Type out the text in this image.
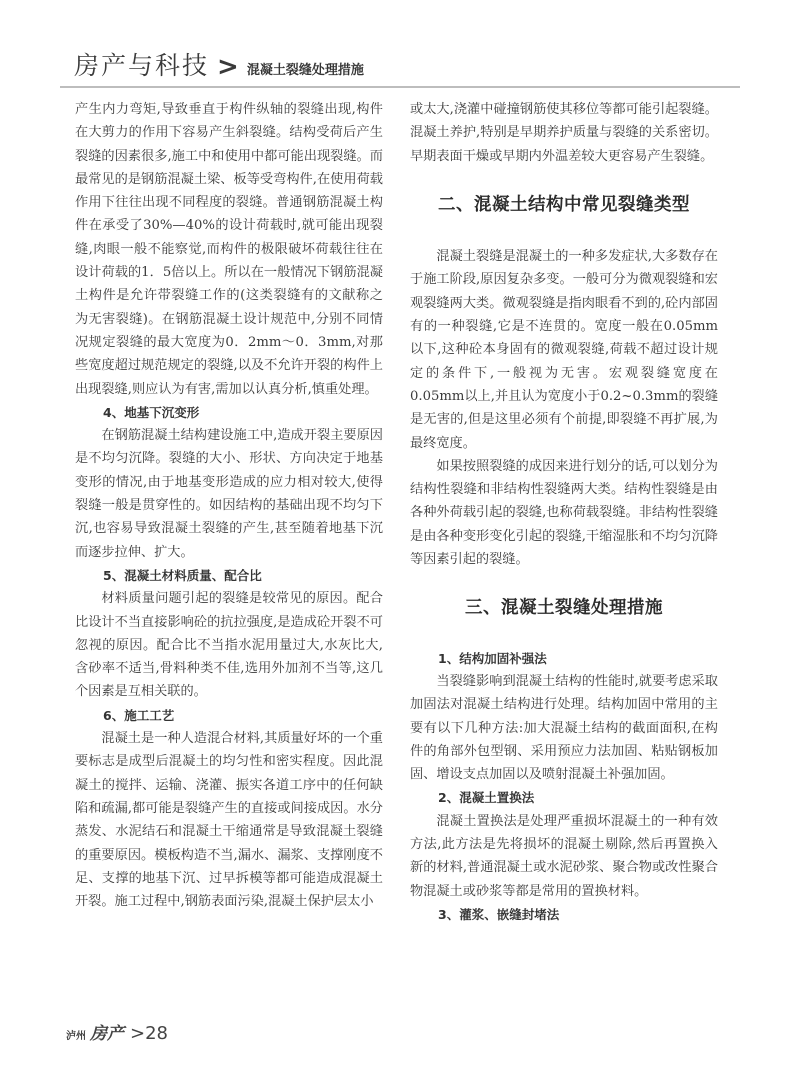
房产与科技 > 混凝土裂缝处理措施

产生内力弯矩,导致垂直于构件纵轴的裂缝出现,构件在大剪力的作用下容易产生斜裂缝。结构受荷后产生裂缝的因素很多,施工中和使用中都可能出现裂缝。而最常见的是钢筋混凝土梁、板等受弯构件,在使用荷载作用下往往出现不同程度的裂缝。普通钢筋混凝土构件在承受了30%—40%的设计荷载时,就可能出现裂缝,肉眼一般不能察觉,而构件的极限破坏荷载往往在设计荷载的1．5倍以上。所以在一般情况下钢筋混凝土构件是允许带裂缝工作的(这类裂缝有的文献称之为无害裂缝)。在钢筋混凝土设计规范中,分别不同情况规定裂缝的最大宽度为0．2mm～0．3mm,对那些宽度超过规范规定的裂缝,以及不允许开裂的构件上出现裂缝,则应认为有害,需加以认真分析,慎重处理。

4、地基下沉变形

在钢筋混凝土结构建设施工中,造成开裂主要原因是不均匀沉降。裂缝的大小、形状、方向决定于地基变形的情况,由于地基变形造成的应力相对较大,使得裂缝一般是贯穿性的。如因结构的基础出现不均匀下沉,也容易导致混凝土裂缝的产生,甚至随着地基下沉而逐步拉伸、扩大。

5、混凝土材料质量、配合比

材料质量问题引起的裂缝是较常见的原因。配合比设计不当直接影响砼的抗拉强度,是造成砼开裂不可忽视的原因。配合比不当指水泥用量过大,水灰比大,含砂率不适当,骨料种类不佳,选用外加剂不当等,这几个因素是互相关联的。

6、施工工艺

混凝土是一种人造混合材料,其质量好坏的一个重要标志是成型后混凝土的均匀性和密实程度。因此混凝土的搅拌、运输、浇灌、振实各道工序中的任何缺陷和疏漏,都可能是裂缝产生的直接或间接成因。水分蒸发、水泥结石和混凝土干缩通常是导致混凝土裂缝的重要原因。模板构造不当,漏水、漏浆、支撑刚度不足、支撑的地基下沉、过早拆模等都可能造成混凝土开裂。施工过程中,钢筋表面污染,混凝土保护层太小

或太大,浇灌中碰撞钢筋使其移位等都可能引起裂缝。混凝土养护,特别是早期养护质量与裂缝的关系密切。早期表面干燥或早期内外温差较大更容易产生裂缝。

二、混凝土结构中常见裂缝类型

混凝土裂缝是混凝土的一种多发症状,大多数存在于施工阶段,原因复杂多变。一般可分为微观裂缝和宏观裂缝两大类。微观裂缝是指肉眼看不到的,砼内部固有的一种裂缝,它是不连贯的。宽度一般在0.05mm以下,这种砼本身固有的微观裂缝,荷载不超过设计规定的条件下,一般视为无害。宏观裂缝宽度在0.05mm以上,并且认为宽度小于0.2~0.3mm的裂缝是无害的,但是这里必须有个前提,即裂缝不再扩展,为最终宽度。

如果按照裂缝的成因来进行划分的话,可以划分为结构性裂缝和非结构性裂缝两大类。结构性裂缝是由各种外荷载引起的裂缝,也称荷载裂缝。非结构性裂缝是由各种变形变化引起的裂缝,干缩湿胀和不均匀沉降等因素引起的裂缝。

三、混凝土裂缝处理措施
1、结构加固补强法

当裂缝影响到混凝土结构的性能时,就要考虑采取加固法对混凝土结构进行处理。结构加固中常用的主要有以下几种方法:加大混凝土结构的截面面积,在构件的角部外包型钢、采用预应力法加固、粘贴钢板加固、增设支点加固以及喷射混凝土补强加固。

2、混凝土置换法

混凝土置换法是处理严重损坏混凝土的一种有效方法,此方法是先将损坏的混凝土剔除,然后再置换入新的材料,普通混凝土或水泥砂浆、聚合物或改性聚合物混凝土或砂浆等都是常用的置换材料。

3、灌浆、嵌缝封堵法
泸州 房产 > 28
